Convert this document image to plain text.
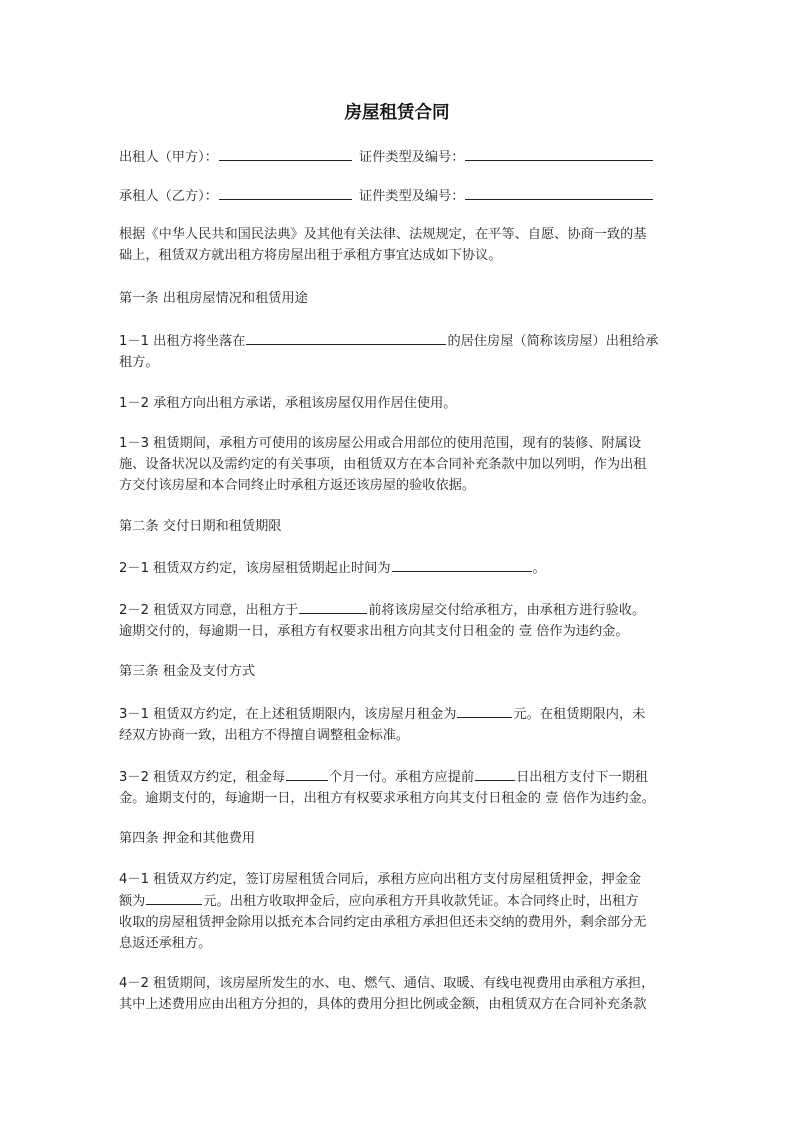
房屋租赁合同
出租人（甲方）：	证件类型及编号：
承租人（乙方）：	证件类型及编号：
根据《中华人民共和国民法典》及其他有关法律、法规规定，在平等、自愿、协商一致的基
础上，租赁双方就出租方将房屋出租于承租方事宜达成如下协议。
第一条 出租房屋情况和租赁用途
1－1 出租方将坐落在	的居住房屋（简称该房屋）出租给承
租方。
1－2 承租方向出租方承诺，承租该房屋仅用作居住使用。
1－3 租赁期间，承租方可使用的该房屋公用或合用部位的使用范围，现有的装修、附属设
施、设备状况以及需约定的有关事项，由租赁双方在本合同补充条款中加以列明，作为出租
方交付该房屋和本合同终止时承租方返还该房屋的验收依据。
第二条 交付日期和租赁期限
2－1 租赁双方约定，该房屋租赁期起止时间为	。
2－2 租赁双方同意，出租方于	前将该房屋交付给承租方，由承租方进行验收。
逾期交付的，每逾期一日，承租方有权要求出租方向其支付日租金的 壹 倍作为违约金。
第三条 租金及支付方式
3－1 租赁双方约定，在上述租赁期限内，该房屋月租金为	元。在租赁期限内，未
经双方协商一致，出租方不得擅自调整租金标准。
3－2 租赁双方约定，租金每	个月一付。承租方应提前	日出租方支付下一期租
金。逾期支付的，每逾期一日，出租方有权要求承租方向其支付日租金的 壹 倍作为违约金。
第四条 押金和其他费用
4－1 租赁双方约定，签订房屋租赁合同后，承租方应向出租方支付房屋租赁押金，押金金
额为	元。出租方收取押金后，应向承租方开具收款凭证。本合同终止时，出租方
收取的房屋租赁押金除用以抵充本合同约定由承租方承担但还未交纳的费用外，剩余部分无
息返还承租方。
4－2 租赁期间，该房屋所发生的水、电、燃气、通信、取暖、有线电视费用由承租方承担，
其中上述费用应由出租方分担的，具体的费用分担比例或金额，由租赁双方在合同补充条款
